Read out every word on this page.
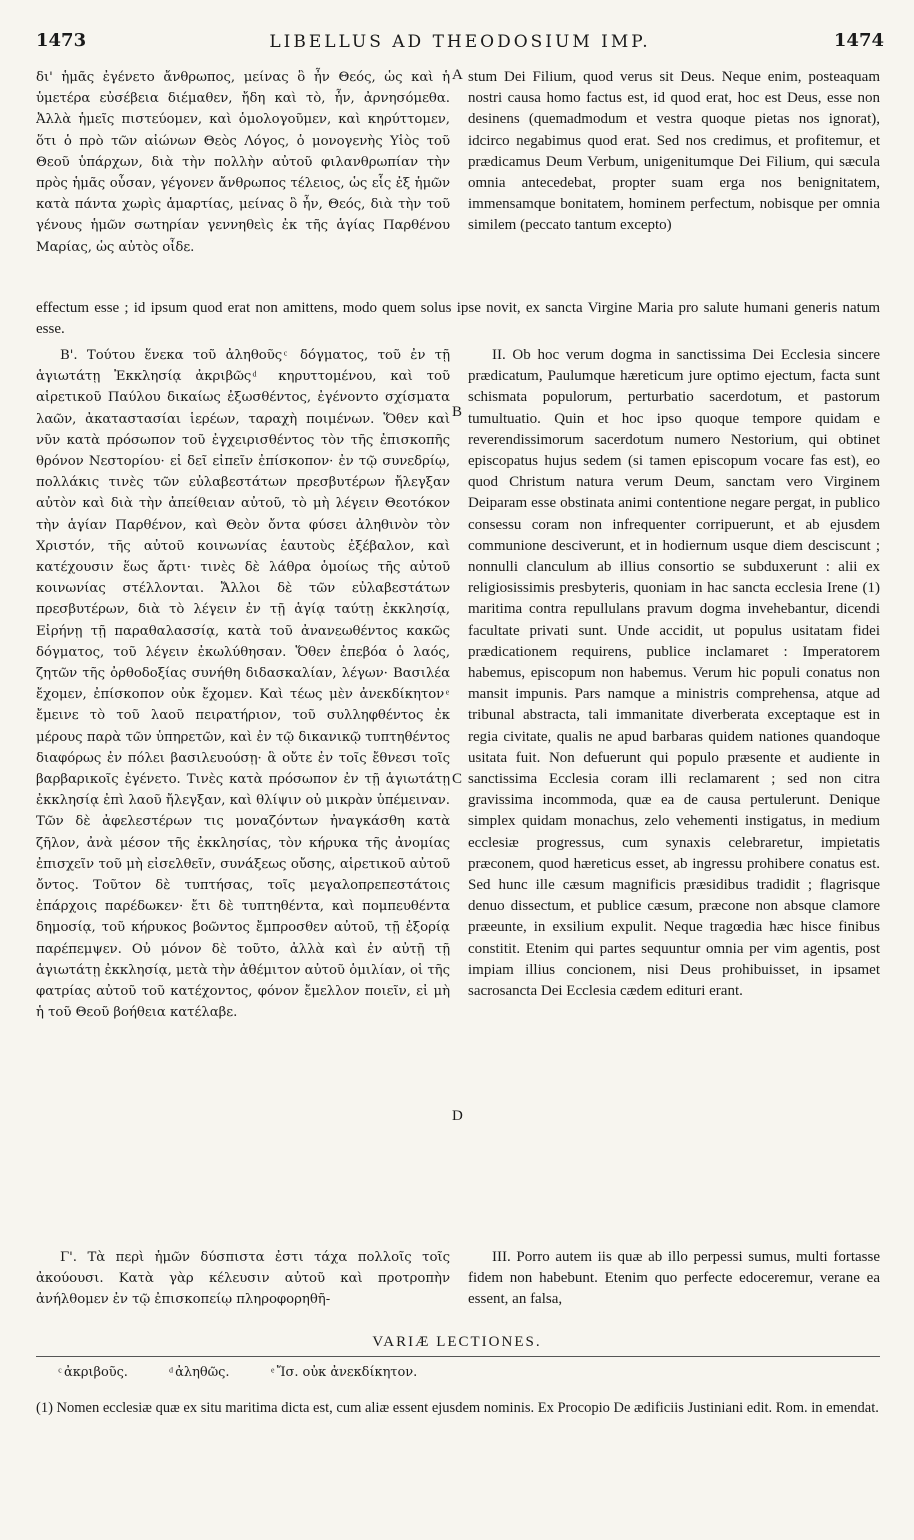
1473	LIBELLUS AD THEODOSIUM IMP.	1474
A
B
C
D

δι' ἡμᾶς ἐγένετο ἄνθρωπος, μείνας ὃ ἦν Θεός, ὡς καὶ ἡ ὑμετέρα εὐσέβεια διέμαθεν, ἤδη καὶ τὸ, ἦν, ἀρνησόμεθα. Ἀλλὰ ἡμεῖς πιστεύομεν, καὶ ὁμολογοῦμεν, καὶ κηρύττομεν, ὅτι ὁ πρὸ τῶν αἰώνων Θεὸς Λόγος, ὁ μονογενὴς Υἱὸς τοῦ Θεοῦ ὑπάρχων, διὰ τὴν πολλὴν αὐτοῦ φιλανθρωπίαν τὴν πρὸς ἡμᾶς οὖσαν, γέγονεν ἄνθρωπος τέλειος, ὡς εἷς ἐξ ἡμῶν κατὰ πάντα χωρὶς ἁμαρτίας, μείνας ὃ ἦν, Θεός, διὰ τὴν τοῦ γένους ἡμῶν σωτηρίαν γεννηθεὶς ἐκ τῆς ἁγίας Παρθένου Μαρίας, ὡς αὐτὸς οἶδε.

stum Dei Filium, quod verus sit Deus. Neque enim, posteaquam nostri causa homo factus est, id quod erat, hoc est Deus, esse non desinens (quemadmodum et vestra quoque pietas nos ignorat), idcirco negabimus quod erat. Sed nos credimus, et profitemur, et prædicamus Deum Verbum, unigenitumque Dei Filium, qui sæcula omnia antecedebat, propter suam erga nos benignitatem, immensamque bonitatem, hominem perfectum, nobisque per omnia similem (peccato tantum excepto)

effectum esse ; id ipsum quod erat non amittens, modo quem solus ipse novit, ex sancta Virgine Maria pro salute humani generis natum esse.

Β'. Τούτου ἕνεκα τοῦ ἀληθοῦς ͨ δόγματος, τοῦ ἐν τῇ ἁγιωτάτῃ Ἐκκλησίᾳ ἀκριβῶς ͩ κηρυττομένου, καὶ τοῦ αἱρετικοῦ Παύλου δικαίως ἐξωσθέντος, ἐγένοντο σχίσματα λαῶν, ἀκαταστασίαι ἱερέων, ταραχὴ ποιμένων. Ὅθεν καὶ νῦν κατὰ πρόσωπον τοῦ ἐγχειρισθέντος τὸν τῆς ἐπισκοπῆς θρόνον Νεστορίου· εἰ δεῖ εἰπεῖν ἐπίσκοπον· ἐν τῷ συνεδρίῳ, πολλάκις τινὲς τῶν εὐλαβεστάτων πρεσβυτέρων ἤλεγξαν αὐτὸν καὶ διὰ τὴν ἀπείθειαν αὐτοῦ, τὸ μὴ λέγειν Θεοτόκον τὴν ἁγίαν Παρθένον, καὶ Θεὸν ὄντα φύσει ἀληθινὸν τὸν Χριστόν, τῆς αὐτοῦ κοινωνίας ἑαυτοὺς ἐξέβαλον, καὶ κατέχουσιν ἕως ἄρτι· τινὲς δὲ λάθρα ὁμοίως τῆς αὐτοῦ κοινωνίας στέλλονται. Ἄλλοι δὲ τῶν εὐλαβεστάτων πρεσβυτέρων, διὰ τὸ λέγειν ἐν τῇ ἁγίᾳ ταύτῃ ἐκκλησίᾳ, Εἰρήνῃ τῇ παραθαλασσίᾳ, κατὰ τοῦ ἀνανεωθέντος κακῶς δόγματος, τοῦ λέγειν ἐκωλύθησαν. Ὅθεν ἐπεβόα ὁ λαός, ζητῶν τῆς ὀρθοδοξίας συνήθη διδασκαλίαν, λέγων· Βασιλέα ἔχομεν, ἐπίσκοπον οὐκ ἔχομεν. Καὶ τέως μὲν ἀνεκδίκητον ͤ ἔμεινε τὸ τοῦ λαοῦ πειρατήριον, τοῦ συλληφθέντος ἐκ μέρους παρὰ τῶν ὑπηρετῶν, καὶ ἐν τῷ δικανικῷ τυπτηθέντος διαφόρως ἐν πόλει βασιλευούσῃ· ἃ οὔτε ἐν τοῖς ἔθνεσι τοῖς βαρβαρικοῖς ἐγένετο. Τινὲς κατὰ πρόσωπον ἐν τῇ ἁγιωτάτῃ ἐκκλησίᾳ ἐπὶ λαοῦ ἤλεγξαν, καὶ θλίψιν οὐ μικρὰν ὑπέμειναν. Τῶν δὲ ἀφελεστέρων τις μοναζόντων ἠναγκάσθη κατὰ ζῆλον, ἀνὰ μέσον τῆς ἐκκλησίας, τὸν κήρυκα τῆς ἀνομίας ἐπισχεῖν τοῦ μὴ εἰσελθεῖν, συνάξεως οὔσης, αἱρετικοῦ αὐτοῦ ὄντος. Τοῦτον δὲ τυπτήσας, τοῖς μεγαλοπρεπεστάτοις ἐπάρχοις παρέδωκεν· ἔτι δὲ τυπτηθέντα, καὶ πομπευθέντα δημοσίᾳ, τοῦ κήρυκος βοῶντος ἔμπροσθεν αὐτοῦ, τῇ ἐξορίᾳ παρέπεμψεν. Οὐ μόνον δὲ τοῦτο, ἀλλὰ καὶ ἐν αὐτῇ τῇ ἁγιωτάτῃ ἐκκλησίᾳ, μετὰ τὴν ἀθέμιτον αὐτοῦ ὁμιλίαν, οἱ τῆς φατρίας αὐτοῦ τοῦ κατέχοντος, φόνον ἔμελλον ποιεῖν, εἰ μὴ ἡ τοῦ Θεοῦ βοήθεια κατέλαβε.

II. Ob hoc verum dogma in sanctissima Dei Ecclesia sincere prædicatum, Paulumque hæreticum jure optimo ejectum, facta sunt schismata populorum, perturbatio sacerdotum, et pastorum tumultuatio. Quin et hoc ipso quoque tempore quidam e reverendissimorum sacerdotum numero Nestorium, qui obtinet episcopatus hujus sedem (si tamen episcopum vocare fas est), eo quod Christum natura verum Deum, sanctam vero Virginem Deiparam esse obstinata animi contentione negare pergat, in publico consessu coram non infrequenter corripuerunt, et ab ejusdem communione desciverunt, et in hodiernum usque diem desciscunt ; nonnulli clanculum ab illius consortio se subduxerunt : alii ex religiosissimis presbyteris, quoniam in hac sancta ecclesia Irene (1) maritima contra repullulans pravum dogma invehebantur, dicendi facultate privati sunt. Unde accidit, ut populus usitatam fidei prædicationem requirens, publice inclamaret : Imperatorem habemus, episcopum non habemus. Verum hic populi conatus non mansit impunis. Pars namque a ministris comprehensa, atque ad tribunal abstracta, tali immanitate diverberata exceptaque est in regia civitate, qualis ne apud barbaras quidem nationes quandoque usitata fuit. Non defuerunt qui populo præsente et audiente in sanctissima Ecclesia coram illi reclamarent ; sed non citra gravissima incommoda, quæ ea de causa pertulerunt. Denique simplex quidam monachus, zelo vehementi instigatus, in medium ecclesiæ progressus, cum synaxis celebraretur, impietatis præconem, quod hæreticus esset, ab ingressu prohibere conatus est. Sed hunc ille cæsum magnificis præsidibus tradidit ; flagrisque denuo dissectum, et publice cæsum, præcone non absque clamore præeunte, in exsilium expulit. Neque tragœdia hæc hisce finibus constitit. Etenim qui partes sequuntur omnia per vim agentis, post impiam illius concionem, nisi Deus prohibuisset, in ipsamet sacrosancta Dei Ecclesia cædem edituri erant.

Γ'. Τὰ περὶ ἡμῶν δύσπιστα ἐστι τάχα πολλοῖς τοῖς ἀκούουσι. Κατὰ γὰρ κέλευσιν αὐτοῦ καὶ προτροπὴν ἀνήλθομεν ἐν τῷ ἐπισκοπείῳ πληροφορηθῆ-

III. Porro autem iis quæ ab illo perpessi sumus, multi fortasse fidem non habebunt. Etenim quo perfecte edoceremur, verane ea essent, an falsa,

VARIÆ LECTIONES.
ͨ ἀκριβοῦς.	ͩ ἀληθῶς.	ͤ Ἴσ. οὐκ ἀνεκδίκητον.
(1) Nomen ecclesiæ quæ ex situ maritima dicta est, cum aliæ essent ejusdem nominis. Ex Procopio De ædificiis Justiniani edit. Rom. in emendat.
